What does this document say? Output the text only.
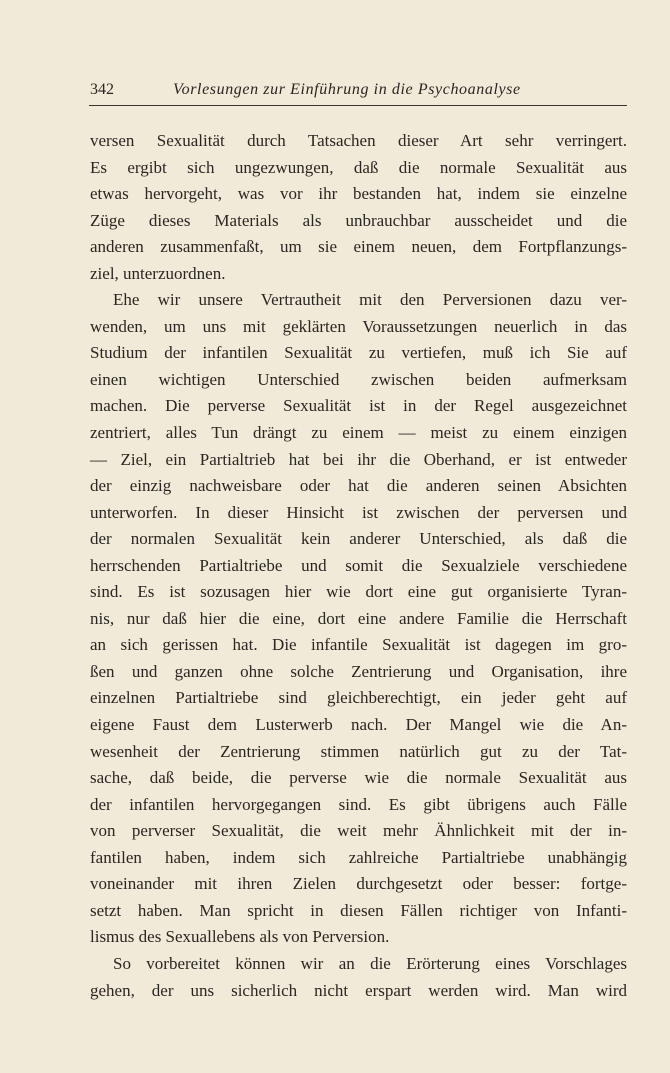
342	Vorlesungen zur Einführung in die Psychoanalyse
versen Sexualität durch Tatsachen dieser Art sehr verringert.
Es ergibt sich ungezwungen, daß die normale Sexualität aus
etwas hervorgeht, was vor ihr bestanden hat, indem sie einzelne
Züge dieses Materials als unbrauchbar ausscheidet und die
anderen zusammenfaßt, um sie einem neuen, dem Fortpflanzungs-
ziel, unterzuordnen.
Ehe wir unsere Vertrautheit mit den Perversionen dazu ver-
wenden, um uns mit geklärten Voraussetzungen neuerlich in das
Studium der infantilen Sexualität zu vertiefen, muß ich Sie auf
einen wichtigen Unterschied zwischen beiden aufmerksam
machen. Die perverse Sexualität ist in der Regel ausgezeichnet
zentriert, alles Tun drängt zu einem — meist zu einem einzigen
— Ziel, ein Partialtrieb hat bei ihr die Oberhand, er ist entweder
der einzig nachweisbare oder hat die anderen seinen Absichten
unterworfen. In dieser Hinsicht ist zwischen der perversen und
der normalen Sexualität kein anderer Unterschied, als daß die
herrschenden Partialtriebe und somit die Sexualziele verschiedene
sind. Es ist sozusagen hier wie dort eine gut organisierte Tyran-
nis, nur daß hier die eine, dort eine andere Familie die Herrschaft
an sich gerissen hat. Die infantile Sexualität ist dagegen im gro-
ßen und ganzen ohne solche Zentrierung und Organisation, ihre
einzelnen Partialtriebe sind gleichberechtigt, ein jeder geht auf
eigene Faust dem Lusterwerb nach. Der Mangel wie die An-
wesenheit der Zentrierung stimmen natürlich gut zu der Tat-
sache, daß beide, die perverse wie die normale Sexualität aus
der infantilen hervorgegangen sind. Es gibt übrigens auch Fälle
von perverser Sexualität, die weit mehr Ähnlichkeit mit der in-
fantilen haben, indem sich zahlreiche Partialtriebe unabhängig
voneinander mit ihren Zielen durchgesetzt oder besser: fortge-
setzt haben. Man spricht in diesen Fällen richtiger von Infanti-
lismus des Sexuallebens als von Perversion.
So vorbereitet können wir an die Erörterung eines Vorschlages
gehen, der uns sicherlich nicht erspart werden wird. Man wird
